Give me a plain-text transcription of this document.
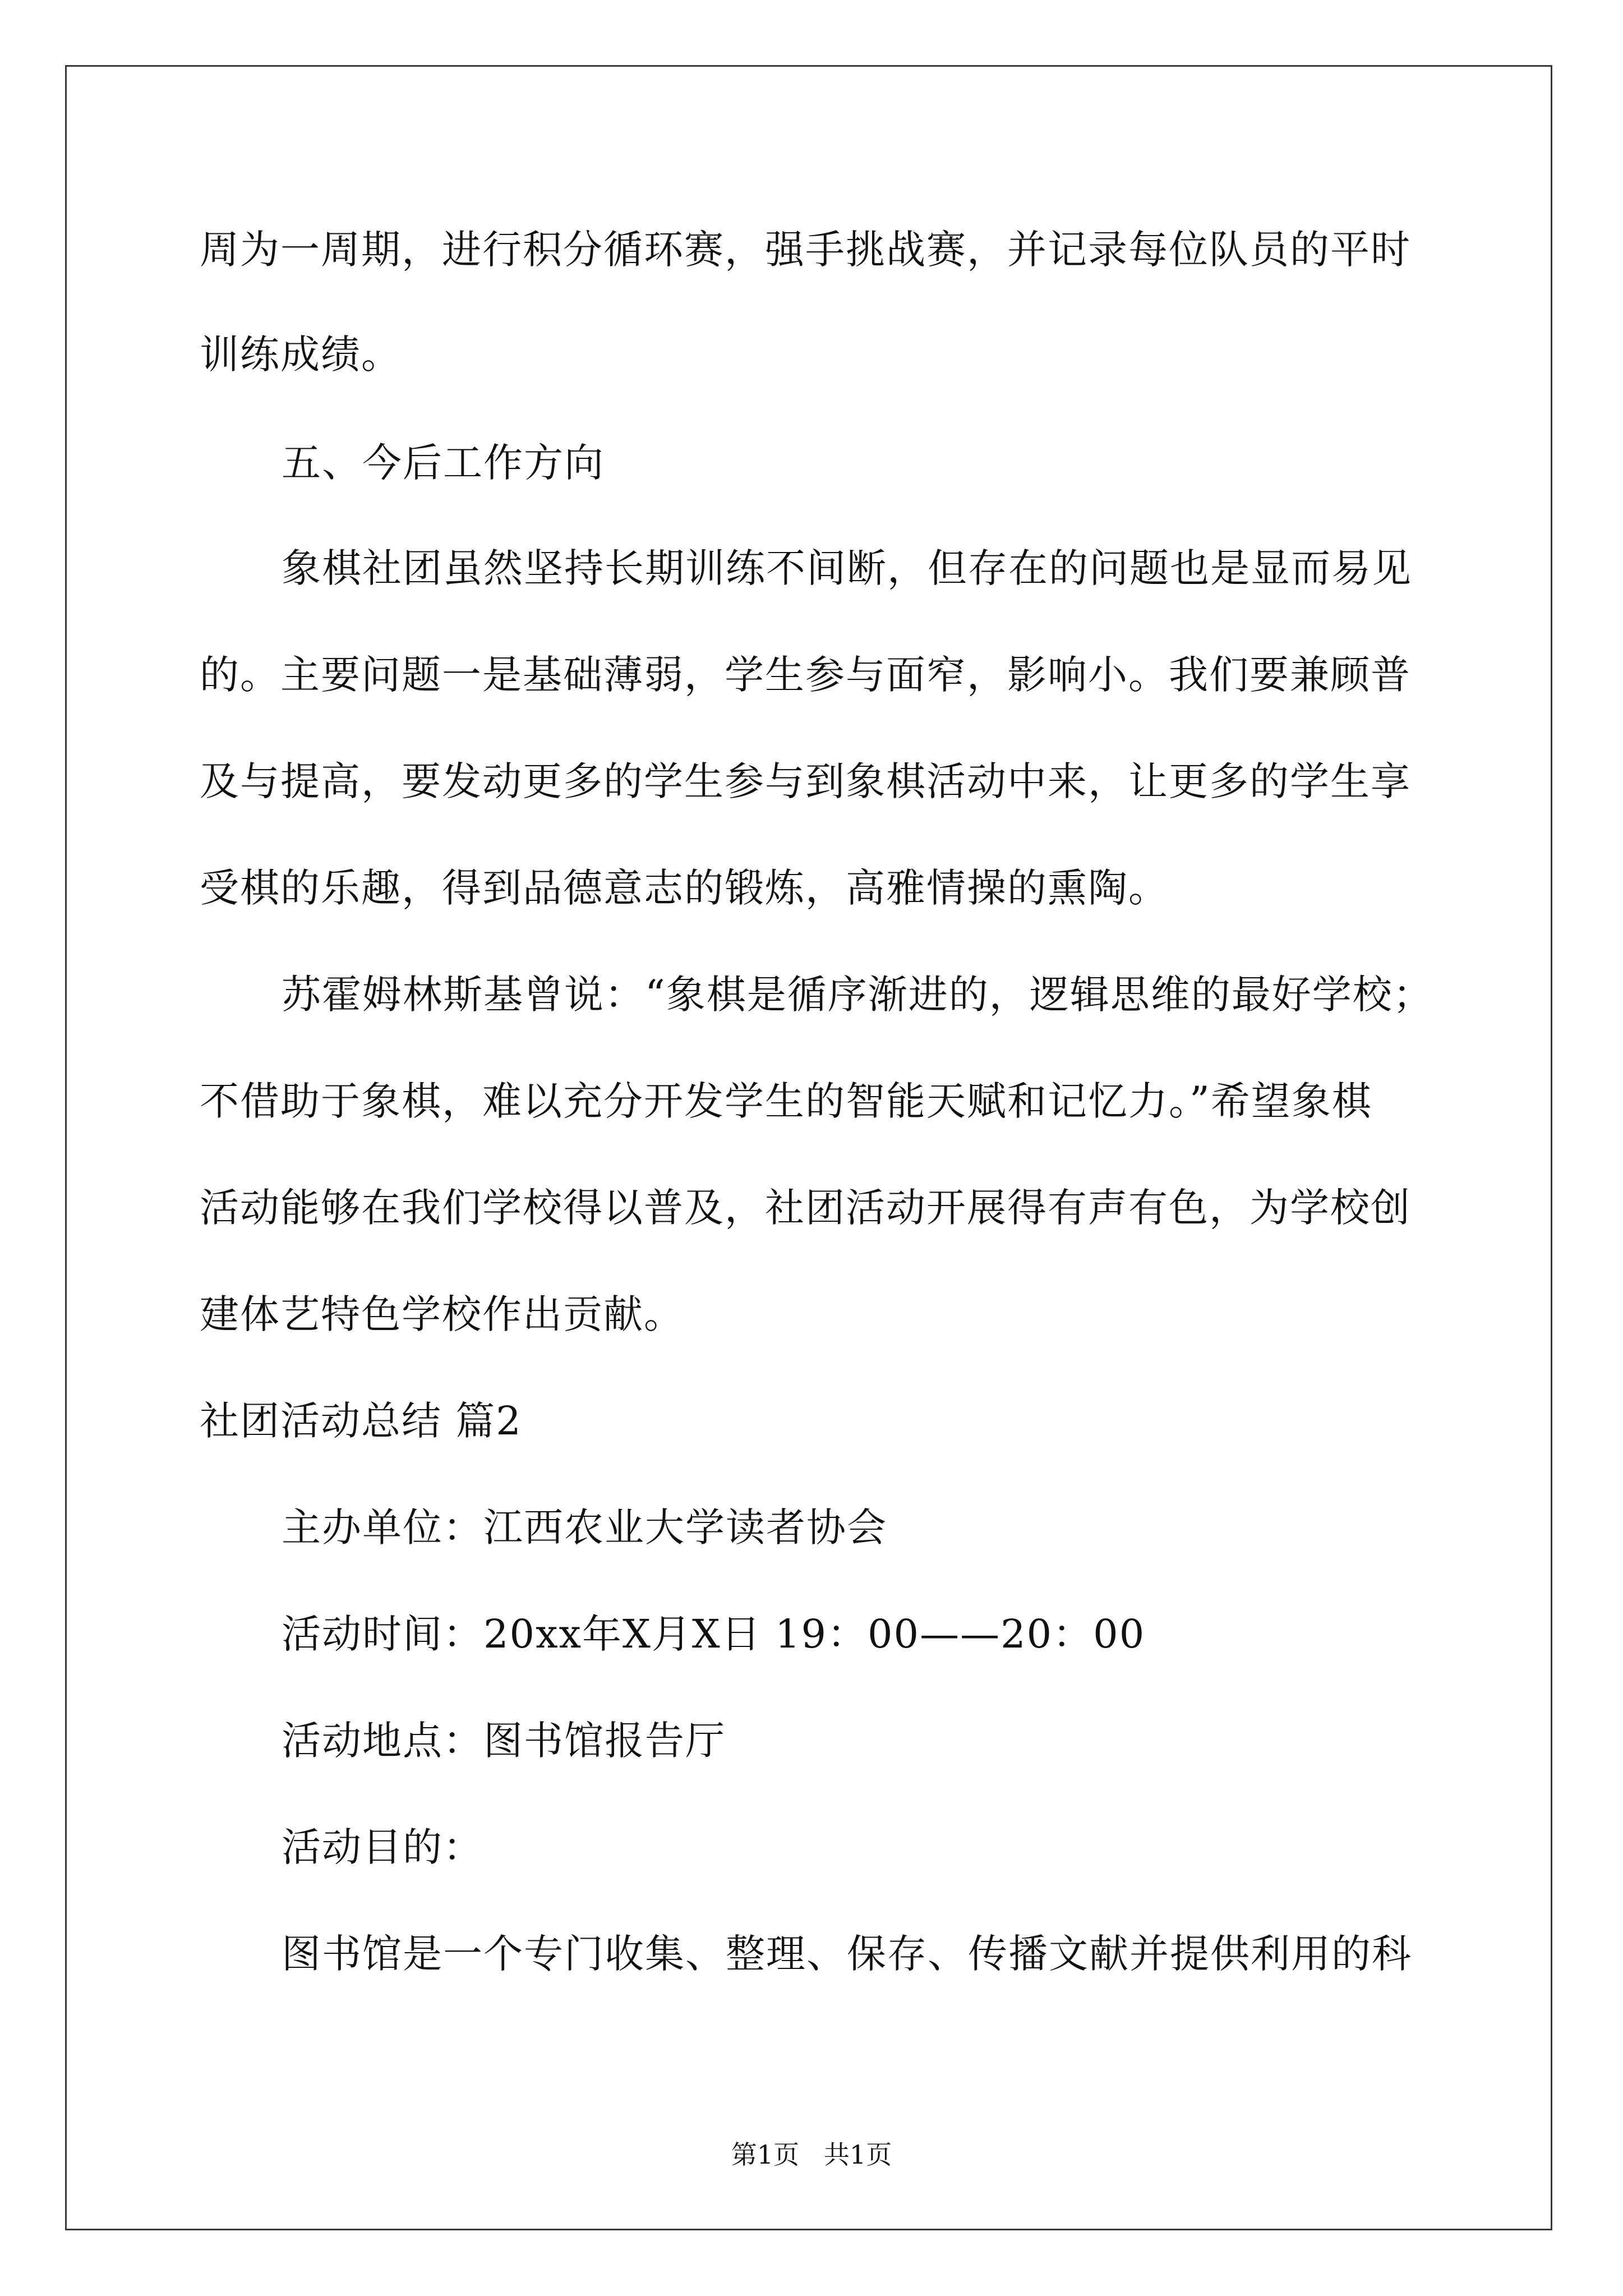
周为一周期，进行积分循环赛，强手挑战赛，并记录每位队员的平时
训练成绩。
五、今后工作方向
象棋社团虽然坚持长期训练不间断，但存在的问题也是显而易见
的。主要问题一是基础薄弱，学生参与面窄，影响小。我们要兼顾普
及与提高，要发动更多的学生参与到象棋活动中来，让更多的学生享
受棋的乐趣，得到品德意志的锻炼，高雅情操的熏陶。
苏霍姆林斯基曾说：“象棋是循序渐进的，逻辑思维的最好学校；
不借助于象棋，难以充分开发学生的智能天赋和记忆力。”希望象棋
活动能够在我们学校得以普及，社团活动开展得有声有色，为学校创
建体艺特色学校作出贡献。
社团活动总结 篇2
主办单位：江西农业大学读者协会
活动时间：20xx年X月X日 19：00——20：00
活动地点：图书馆报告厅
活动目的：
图书馆是一个专门收集、整理、保存、传播文献并提供利用的科
第1页   共1页
